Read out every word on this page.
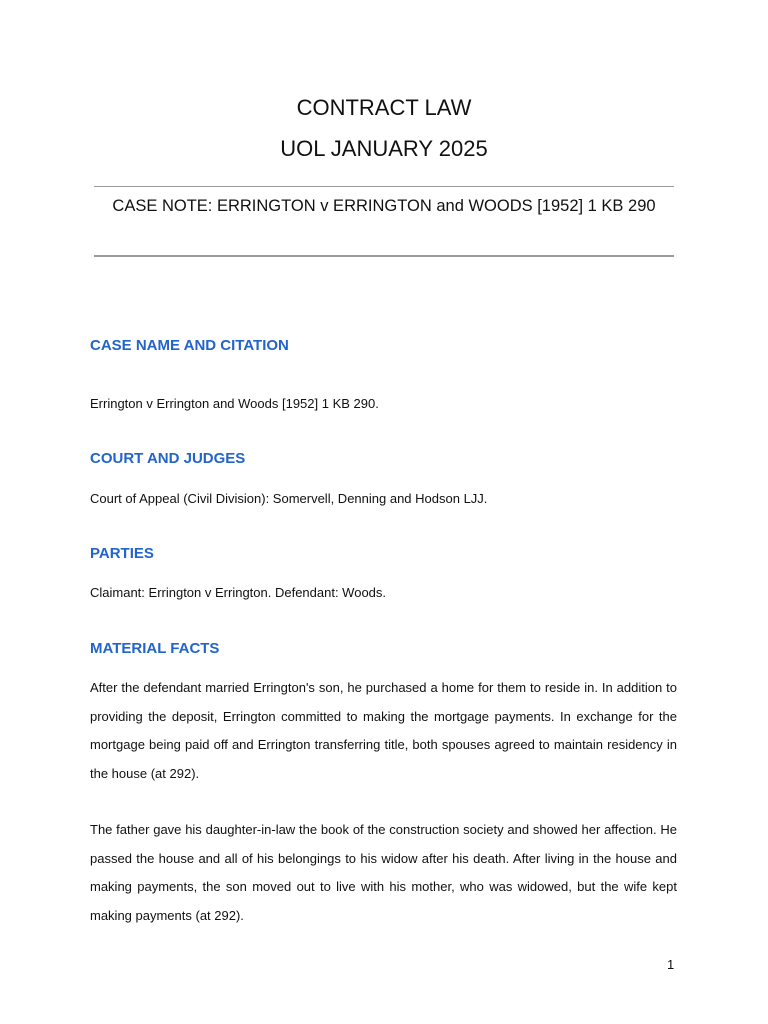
CONTRACT LAW
UOL JANUARY 2025
CASE NOTE: ERRINGTON v ERRINGTON and WOODS [1952] 1 KB 290
CASE NAME AND CITATION
Errington v Errington and Woods [1952] 1 KB 290.
COURT AND JUDGES
Court of Appeal (Civil Division): Somervell, Denning and Hodson LJJ.
PARTIES
Claimant: Errington v Errington. Defendant: Woods.
MATERIAL FACTS
After the defendant married Errington's son, he purchased a home for them to reside in. In addition to providing the deposit, Errington committed to making the mortgage payments. In exchange for the mortgage being paid off and Errington transferring title, both spouses agreed to maintain residency in the house (at 292).
The father gave his daughter-in-law the book of the construction society and showed her affection. He passed the house and all of his belongings to his widow after his death. After living in the house and making payments, the son moved out to live with his mother, who was widowed, but the wife kept making payments (at 292).
1
